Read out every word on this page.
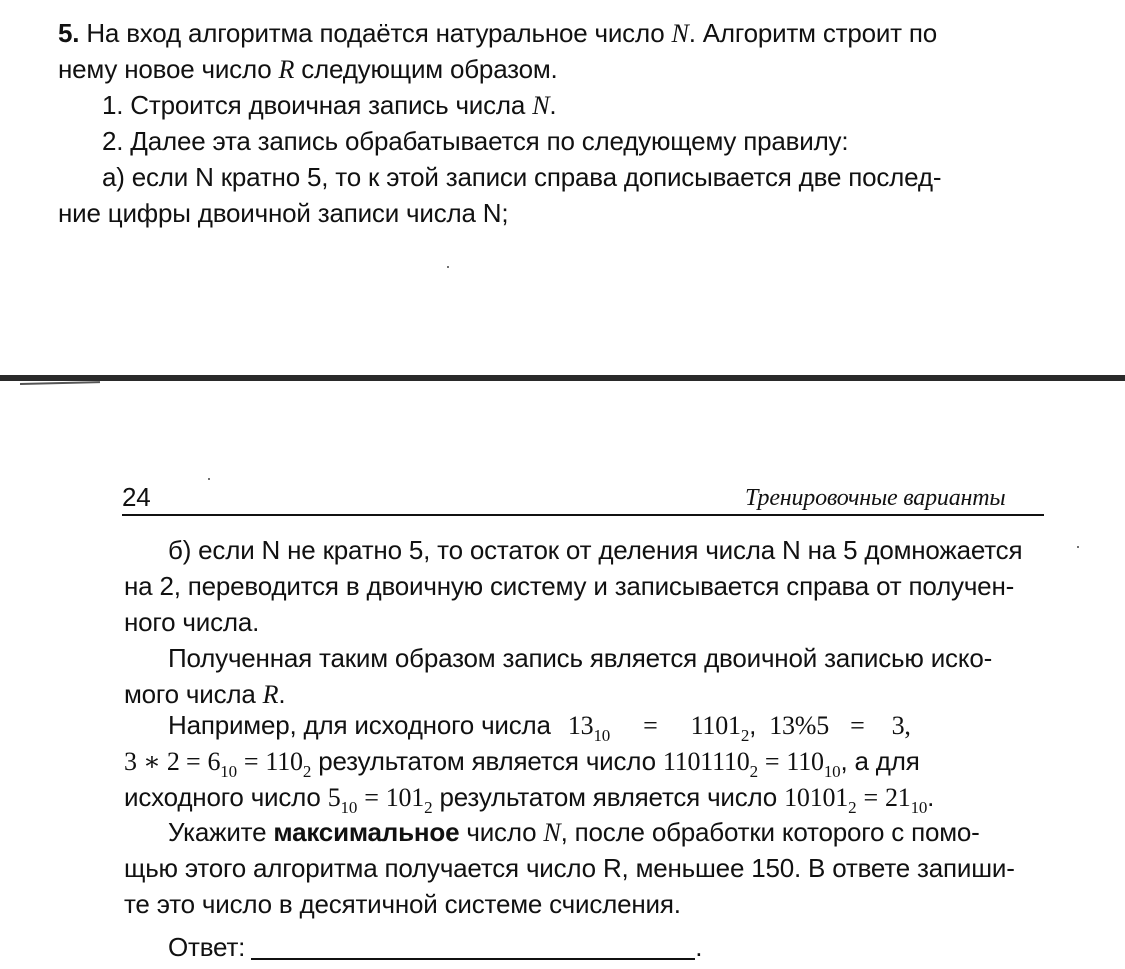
5. На вход алгоритма подаётся натуральное число N. Алгоритм строит по
нему новое число R следующим образом.
1. Строится двоичная запись числа N.
2. Далее эта запись обрабатывается по следующему правилу:
а) если N кратно 5, то к этой записи справа дописывается две послед-
ние цифры двоичной записи числа N;
24	Тренировочные варианты
б) если N не кратно 5, то остаток от деления числа N на 5 домножается
на 2, переводится в двоичную систему и записывается справа от получен-
ного числа.
Полученная таким образом запись является двоичной записью иско-
мого числа R.
Например, для исходного числа $13_{10} = 1101_2$, 13%5 = 3,
3 ∗ $2 = 6_{10} = 110_2$ результатом является число $1101110_2 = 110_{10}$, а для
исходного число $5_{10} = 101_2$ результатом является число $10101_2 = 21_{10}$.
Укажите максимальное число N, после обработки которого с помо-
щью этого алгоритма получается число R, меньшее 150. В ответе запиши-
те это число в десятичной системе счисления.
Ответ:	.
